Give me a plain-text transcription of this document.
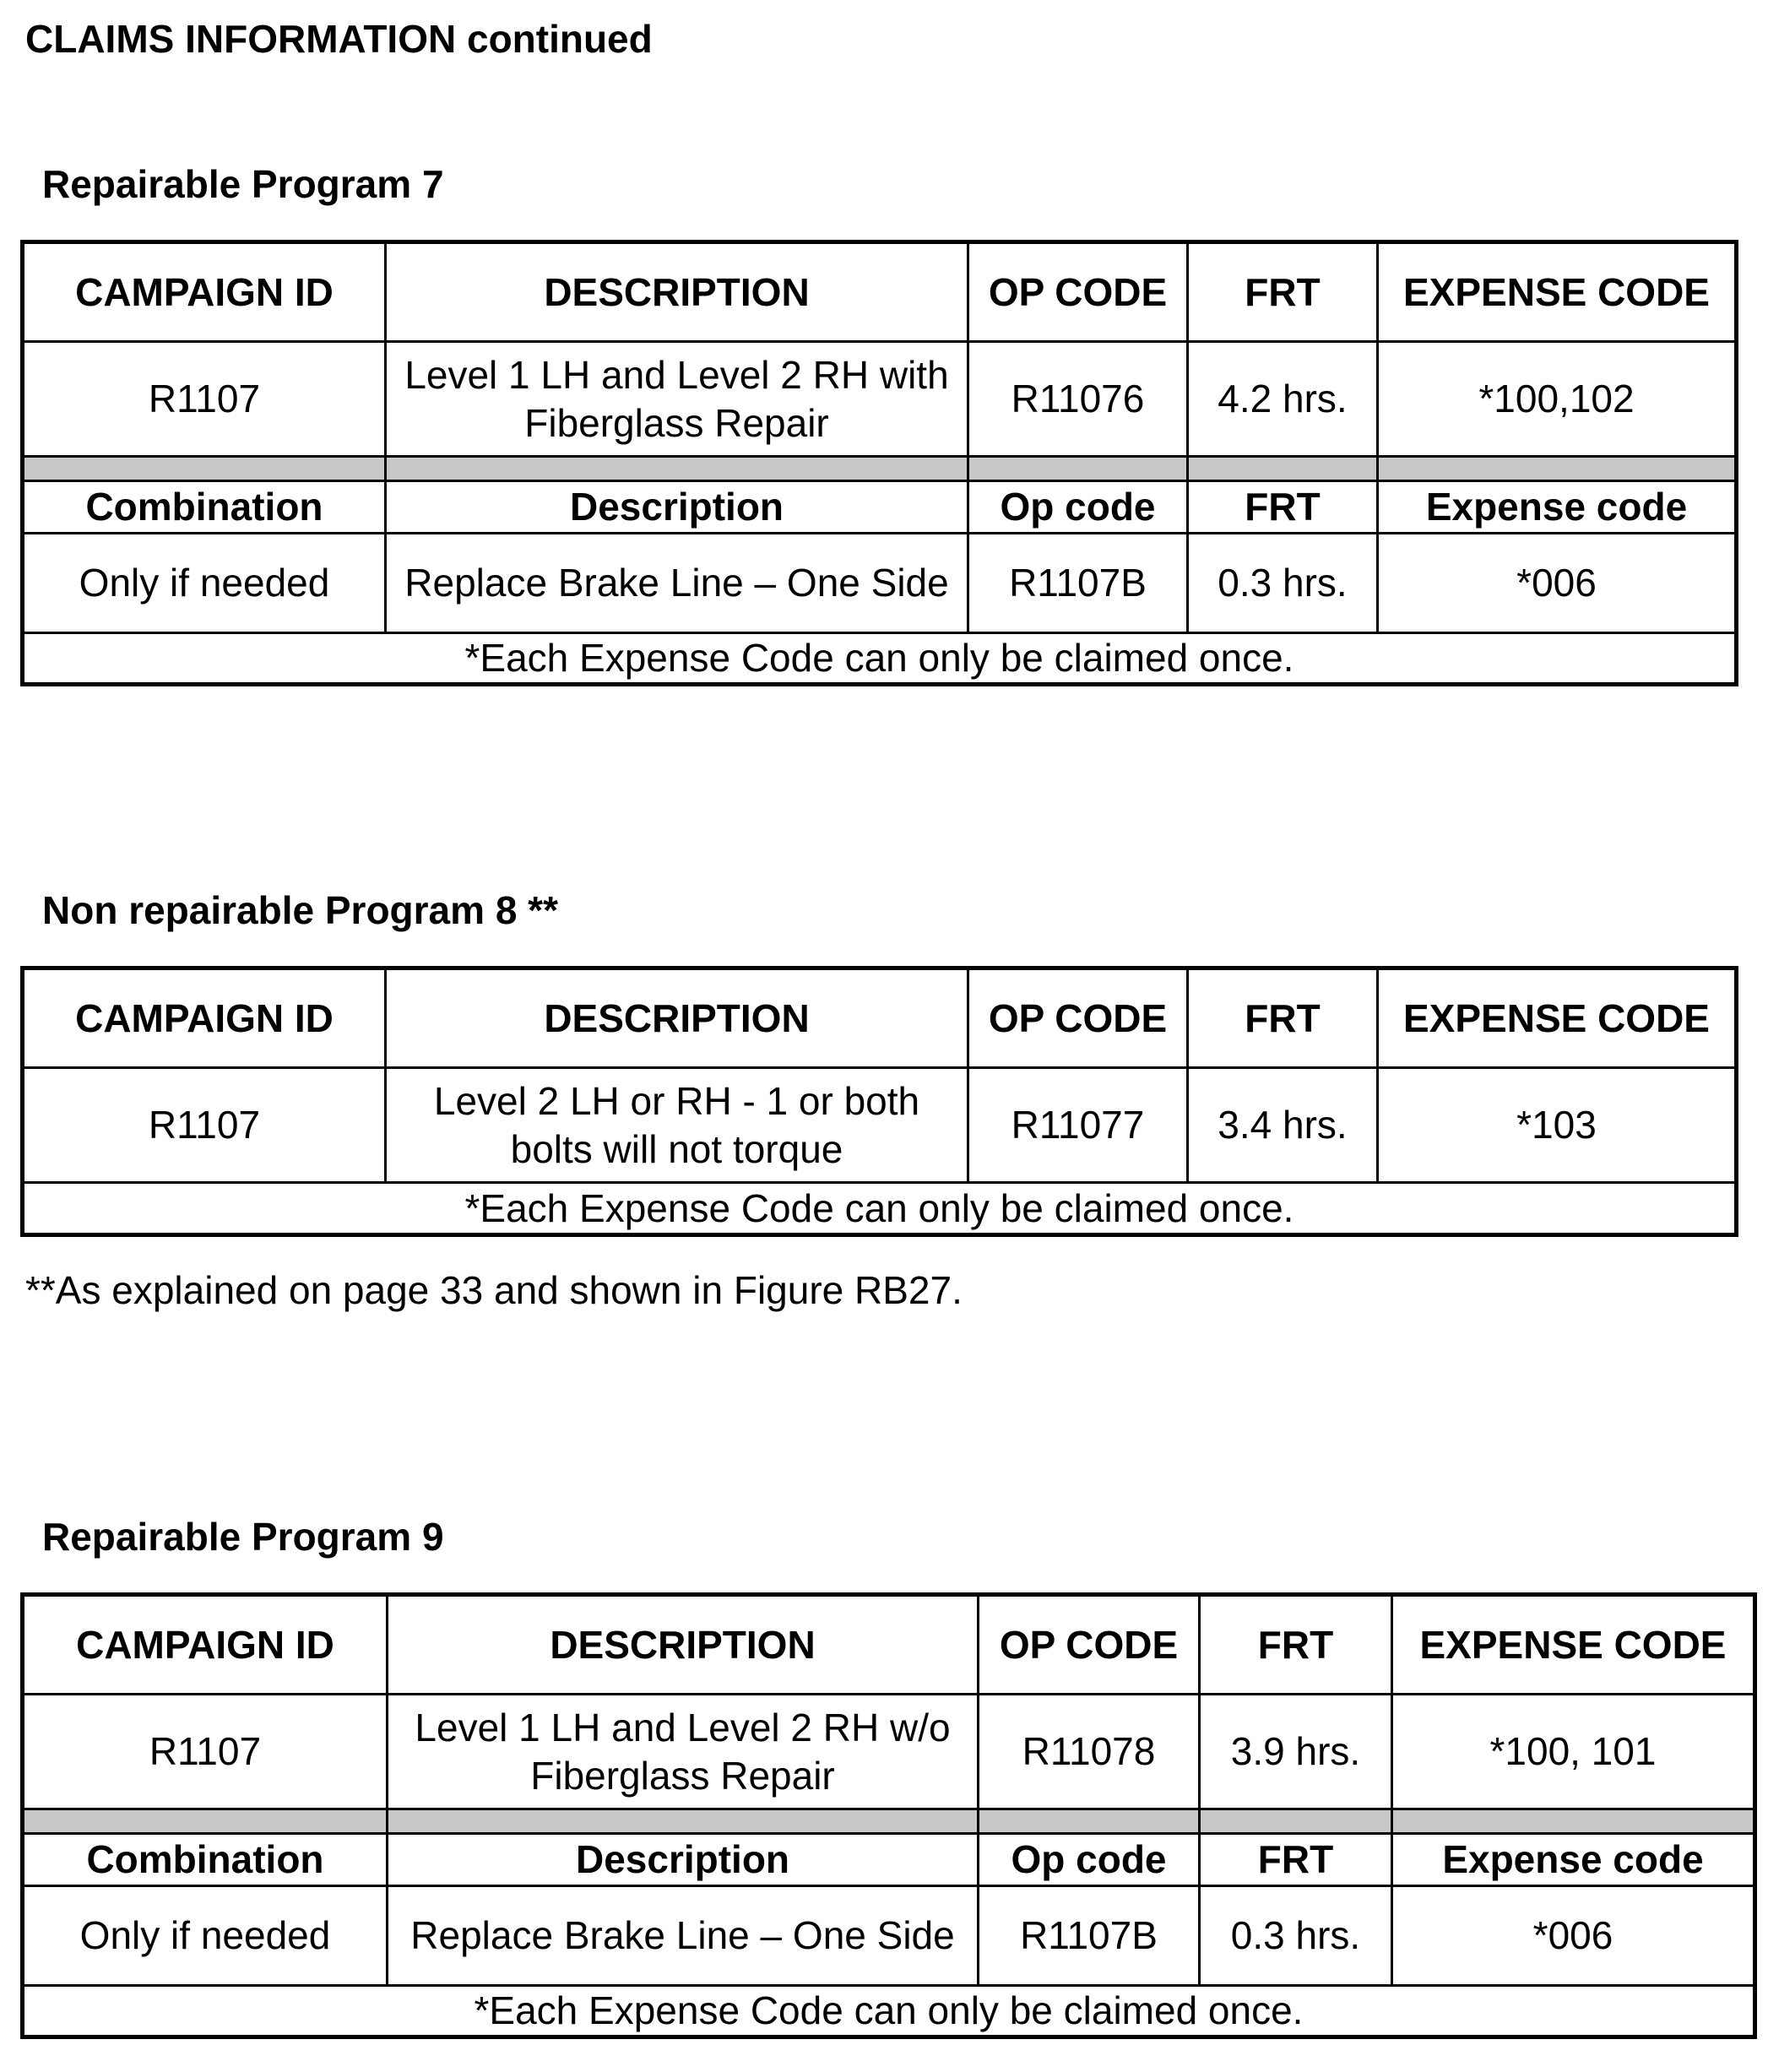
CLAIMS INFORMATION continued
Repairable Program 7
CAMPAIGN ID	DESCRIPTION	OP CODE	FRT	EXPENSE CODE
R1107	Level 1 LH and Level 2 RH with Fiberglass Repair	R11076	4.2 hrs.	*100,102

Combination	Description	Op code	FRT	Expense code
Only if needed	Replace Brake Line – One Side	R1107B	0.3 hrs.	*006
*Each Expense Code can only be claimed once.				
Non repairable Program 8 **
CAMPAIGN ID	DESCRIPTION	OP CODE	FRT	EXPENSE CODE
R1107	Level 2 LH or RH - 1 or both bolts will not torque	R11077	3.4 hrs.	*103
*Each Expense Code can only be claimed once.				
**As explained on page 33 and shown in Figure RB27.
Repairable Program 9
CAMPAIGN ID	DESCRIPTION	OP CODE	FRT	EXPENSE CODE
R1107	Level 1 LH and Level 2 RH w/o Fiberglass Repair	R11078	3.9 hrs.	*100, 101

Combination	Description	Op code	FRT	Expense code
Only if needed	Replace Brake Line – One Side	R1107B	0.3 hrs.	*006
*Each Expense Code can only be claimed once.				
